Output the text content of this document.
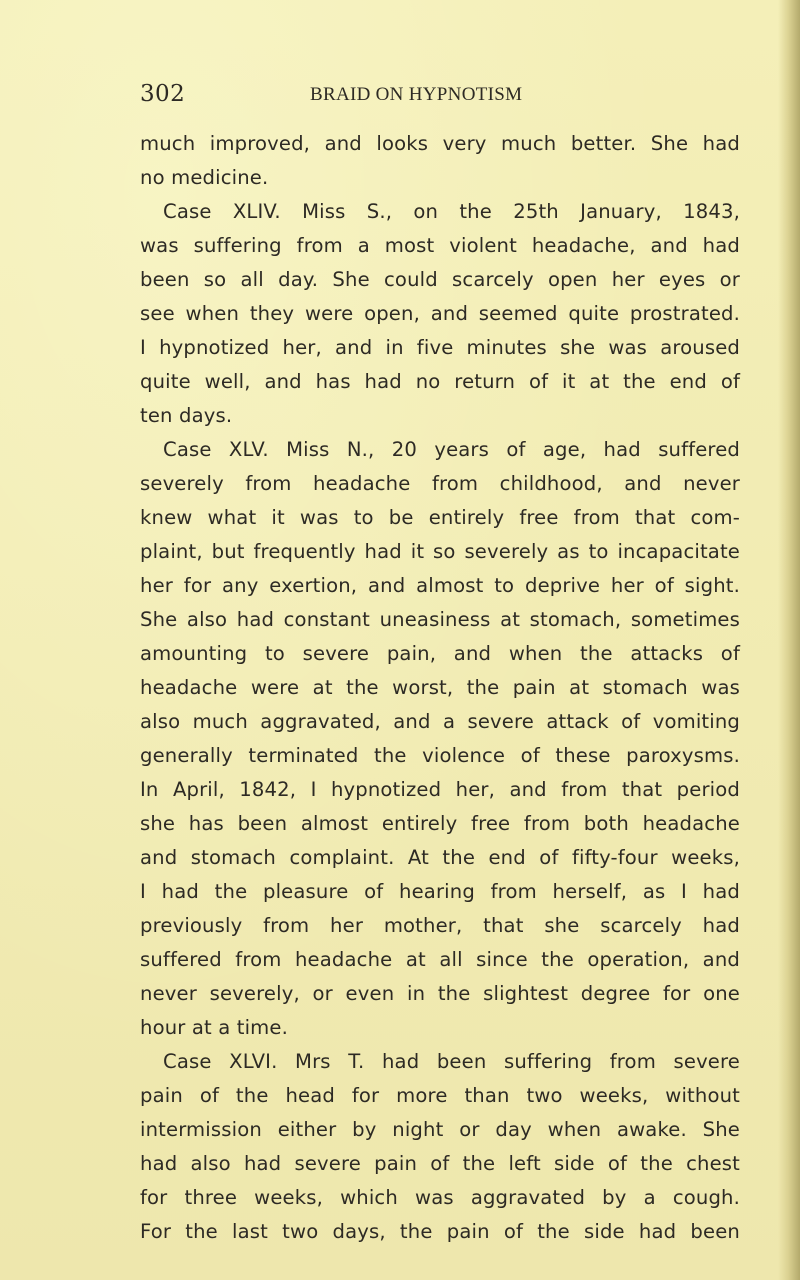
302	BRAID ON HYPNOTISM
much improved, and looks very much better. She had
no medicine.
Case XLIV. Miss S., on the 25th January, 1843,
was suffering from a most violent headache, and had
been so all day. She could scarcely open her eyes or
see when they were open, and seemed quite prostrated.
I hypnotized her, and in five minutes she was aroused
quite well, and has had no return of it at the end of
ten days.
Case XLV. Miss N., 20 years of age, had suffered
severely from headache from childhood, and never
knew what it was to be entirely free from that com-
plaint, but frequently had it so severely as to incapacitate
her for any exertion, and almost to deprive her of sight.
She also had constant uneasiness at stomach, sometimes
amounting to severe pain, and when the attacks of
headache were at the worst, the pain at stomach was
also much aggravated, and a severe attack of vomiting
generally terminated the violence of these paroxysms.
In April, 1842, I hypnotized her, and from that period
she has been almost entirely free from both headache
and stomach complaint. At the end of fifty-four weeks,
I had the pleasure of hearing from herself, as I had
previously from her mother, that she scarcely had
suffered from headache at all since the operation, and
never severely, or even in the slightest degree for one
hour at a time.
Case XLVI. Mrs T. had been suffering from severe
pain of the head for more than two weeks, without
intermission either by night or day when awake. She
had also had severe pain of the left side of the chest
for three weeks, which was aggravated by a cough.
For the last two days, the pain of the side had been
